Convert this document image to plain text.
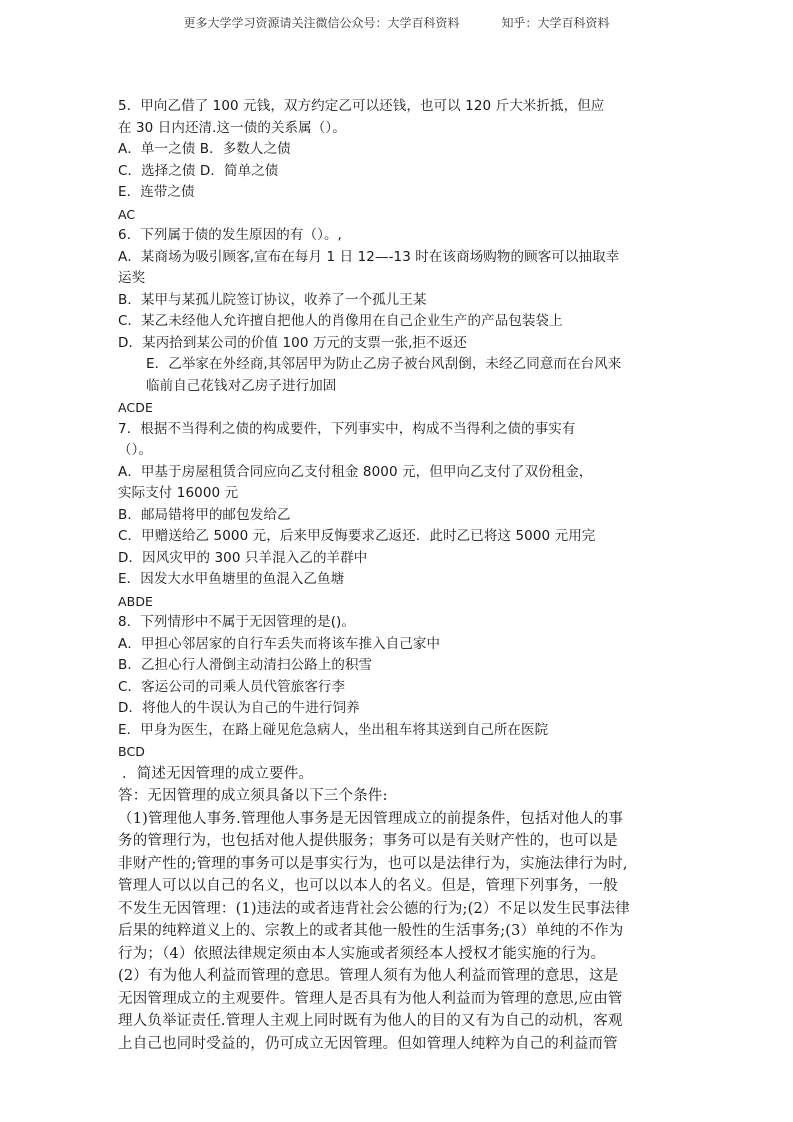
更多大学学习资源请关注微信公众号：大学百科资料	知乎：大学百科资料
5．甲向乙借了 100 元钱，双方约定乙可以还钱，也可以 120 斤大米折抵，但应
在 30 日内还清.这一债的关系属（）。
A．单一之债 B．多数人之债
C．选择之债 D．简单之债
E．连带之债
AC
6．下列属于债的发生原因的有（）。,
A．某商场为吸引顾客,宣布在每月 1 日 12—-13 时在该商场购物的顾客可以抽取幸
运奖
B．某甲与某孤儿院签订协议，收养了一个孤儿王某
C．某乙未经他人允许擅自把他人的肖像用在自己企业生产的产品包装袋上
D．某丙拾到某公司的价值 100 万元的支票一张,拒不返还
E．乙举家在外经商,其邻居甲为防止乙房子被台风刮倒，未经乙同意而在台风来
临前自己花钱对乙房子进行加固
ACDE
7．根据不当得利之债的构成要件，下列事实中，构成不当得利之债的事实有
（）。
A．甲基于房屋租赁合同应向乙支付租金 8000 元，但甲向乙支付了双份租金，
实际支付 16000 元
B．邮局错将甲的邮包发给乙
C．甲赠送给乙 5000 元，后来甲反悔要求乙返还．此时乙已将这 5000 元用完
D．因风灾甲的 300 只羊混入乙的羊群中
E．因发大水甲鱼塘里的鱼混入乙鱼塘
ABDE
8．下列情形中不属于无因管理的是()。
A．甲担心邻居家的自行车丢失而将该车推入自己家中
B．乙担心行人滑倒主动清扫公路上的积雪
C．客运公司的司乘人员代管旅客行李
D．将他人的牛误认为自己的牛进行饲养
E．甲身为医生，在路上碰见危急病人，坐出租车将其送到自己所在医院
BCD
．简述无因管理的成立要件。
答：无因管理的成立须具备以下三个条件:
（1)管理他人事务.管理他人事务是无因管理成立的前提条件，包括对他人的事
务的管理行为，也包括对他人提供服务；事务可以是有关财产性的，也可以是
非财产性的;管理的事务可以是事实行为，也可以是法律行为，实施法律行为时,
管理人可以以自己的名义，也可以以本人的名义。但是，管理下列事务，一般
不发生无因管理：(1)违法的或者违背社会公德的行为;(2）不足以发生民事法律
后果的纯粹道义上的、宗教上的或者其他一般性的生活事务;(3）单纯的不作为
行为；（4）依照法律规定须由本人实施或者须经本人授权才能实施的行为。
(2）有为他人利益而管理的意思。管理人须有为他人利益而管理的意思，这是
无因管理成立的主观要件。管理人是否具有为他人利益而为管理的意思,应由管
理人负举证责任.管理人主观上同时既有为他人的目的又有为自己的动机，客观
上自己也同时受益的，仍可成立无因管理。但如管理人纯粹为自己的利益而管
